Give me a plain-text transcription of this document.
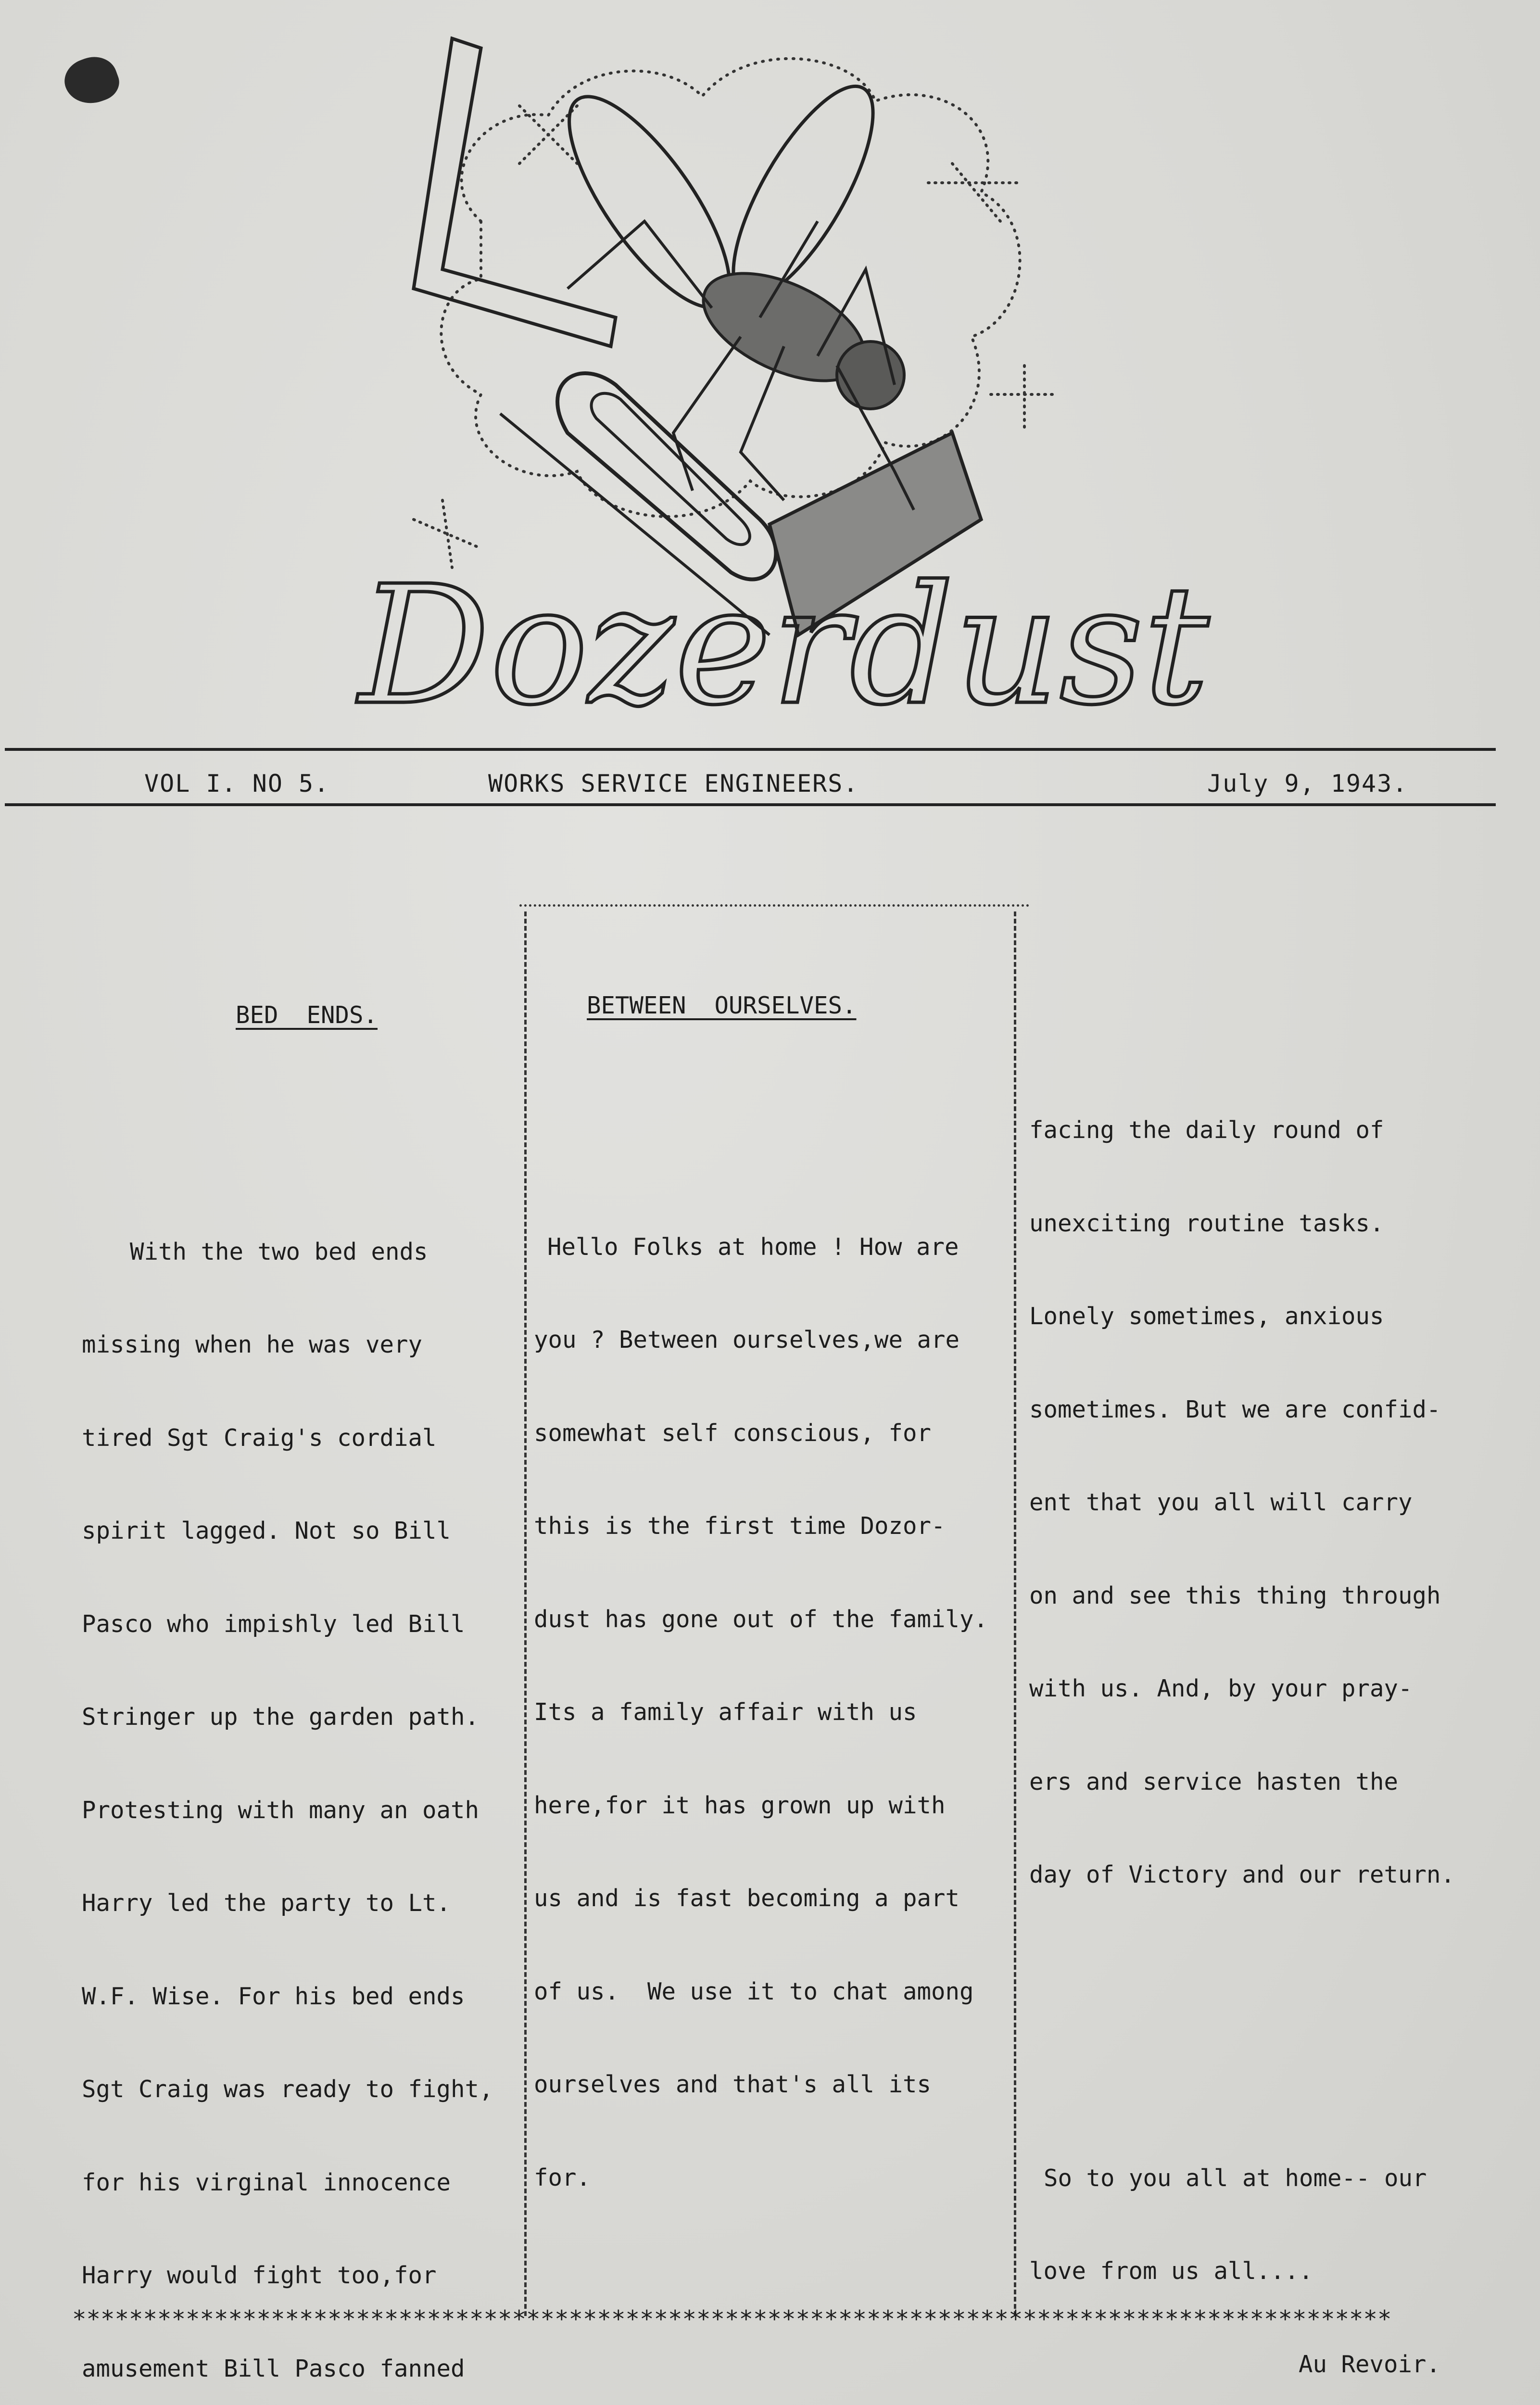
Dozerdust
VOL I. NO 5.	WORKS SERVICE ENGINEERS.	July 9, 1943.

BED  ENDS.

With the two bed ends

missing when he was very

tired Sgt Craig's cordial

spirit lagged. Not so Bill

Pasco who impishly led Bill

Stringer up the garden path.

Protesting with many an oath

Harry led the party to Lt.

W.F. Wise. For his bed ends

Sgt Craig was ready to fight,

for his virginal innocence

Harry would fight too,for

amusement Bill Pasco fanned

BETWEEN  OURSELVES.

Hello Folks at home ! How are

you ? Between ourselves,we are

somewhat self conscious, for

this is the first time Dozor-

dust has gone out of the family.

Its a family affair with us

here,for it has grown up with

us and is fast becoming a part

of us.  We use it to chat among

ourselves and that's all its

for.

facing the daily round of

unexciting routine tasks.

Lonely sometimes, anxious

sometimes. But we are confid-

ent that you all will carry

on and see this thing through

with us. And, by your pray-

ers and service hasten the

day of Victory and our return.

So to you all at home-- our

love from us all....

Au Revoir.

*********************************************************************************************
